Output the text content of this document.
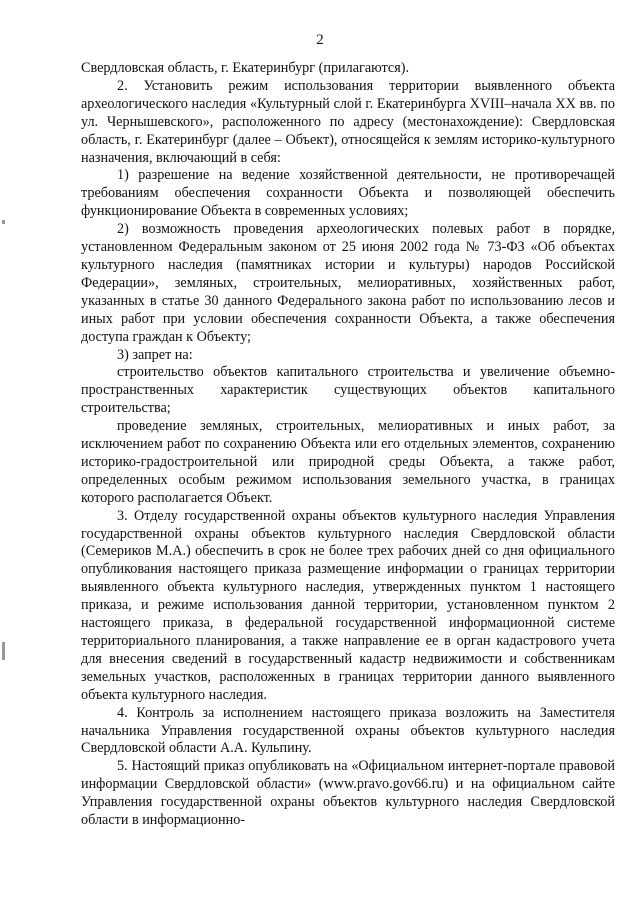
2

Свердловская область, г. Екатеринбург (прилагаются).

2. Установить режим использования территории выявленного объекта археологического наследия «Культурный слой г. Екатеринбурга XVIII–начала XX вв. по ул. Чернышевского», расположенного по адресу (местонахождение): Свердловская область, г. Екатеринбург (далее – Объект), относящейся к землям историко-культурного назначения, включающий в себя:

1) разрешение на ведение хозяйственной деятельности, не противоречащей требованиям обеспечения сохранности Объекта и позволяющей обеспечить функционирование Объекта в современных условиях;

2) возможность проведения археологических полевых работ в порядке, установленном Федеральным законом от 25 июня 2002 года № 73-ФЗ «Об объектах культурного наследия (памятниках истории и культуры) народов Российской Федерации», земляных, строительных, мелиоративных, хозяйственных работ, указанных в статье 30 данного Федерального закона работ по использованию лесов и иных работ при условии обеспечения сохранности Объекта, а также обеспечения доступа граждан к Объекту;

3) запрет на:

строительство объектов капитального строительства и увеличение объемно-пространственных характеристик существующих объектов капитального строительства;

проведение земляных, строительных, мелиоративных и иных работ, за исключением работ по сохранению Объекта или его отдельных элементов, сохранению историко-градостроительной или природной среды Объекта, а также работ, определенных особым режимом использования земельного участка, в границах которого располагается Объект.

3. Отделу государственной охраны объектов культурного наследия Управления государственной охраны объектов культурного наследия Свердловской области (Семериков М.А.) обеспечить в срок не более трех рабочих дней со дня официального опубликования настоящего приказа размещение информации о границах территории выявленного объекта культурного наследия, утвержденных пунктом 1 настоящего приказа, и режиме использования данной территории, установленном пунктом 2 настоящего приказа, в федеральной государственной информационной системе территориального планирования, а также направление ее в орган кадастрового учета для внесения сведений в государственный кадастр недвижимости и собственникам земельных участков, расположенных в границах территории данного выявленного объекта культурного наследия.

4. Контроль за исполнением настоящего приказа возложить на Заместителя начальника Управления государственной охраны объектов культурного наследия Свердловской области А.А. Кульпину.

5. Настоящий приказ опубликовать на «Официальном интернет-портале правовой информации Свердловской области» (www.pravo.gov66.ru) и на официальном сайте Управления государственной охраны объектов культурного наследия Свердловской области в информационно-
